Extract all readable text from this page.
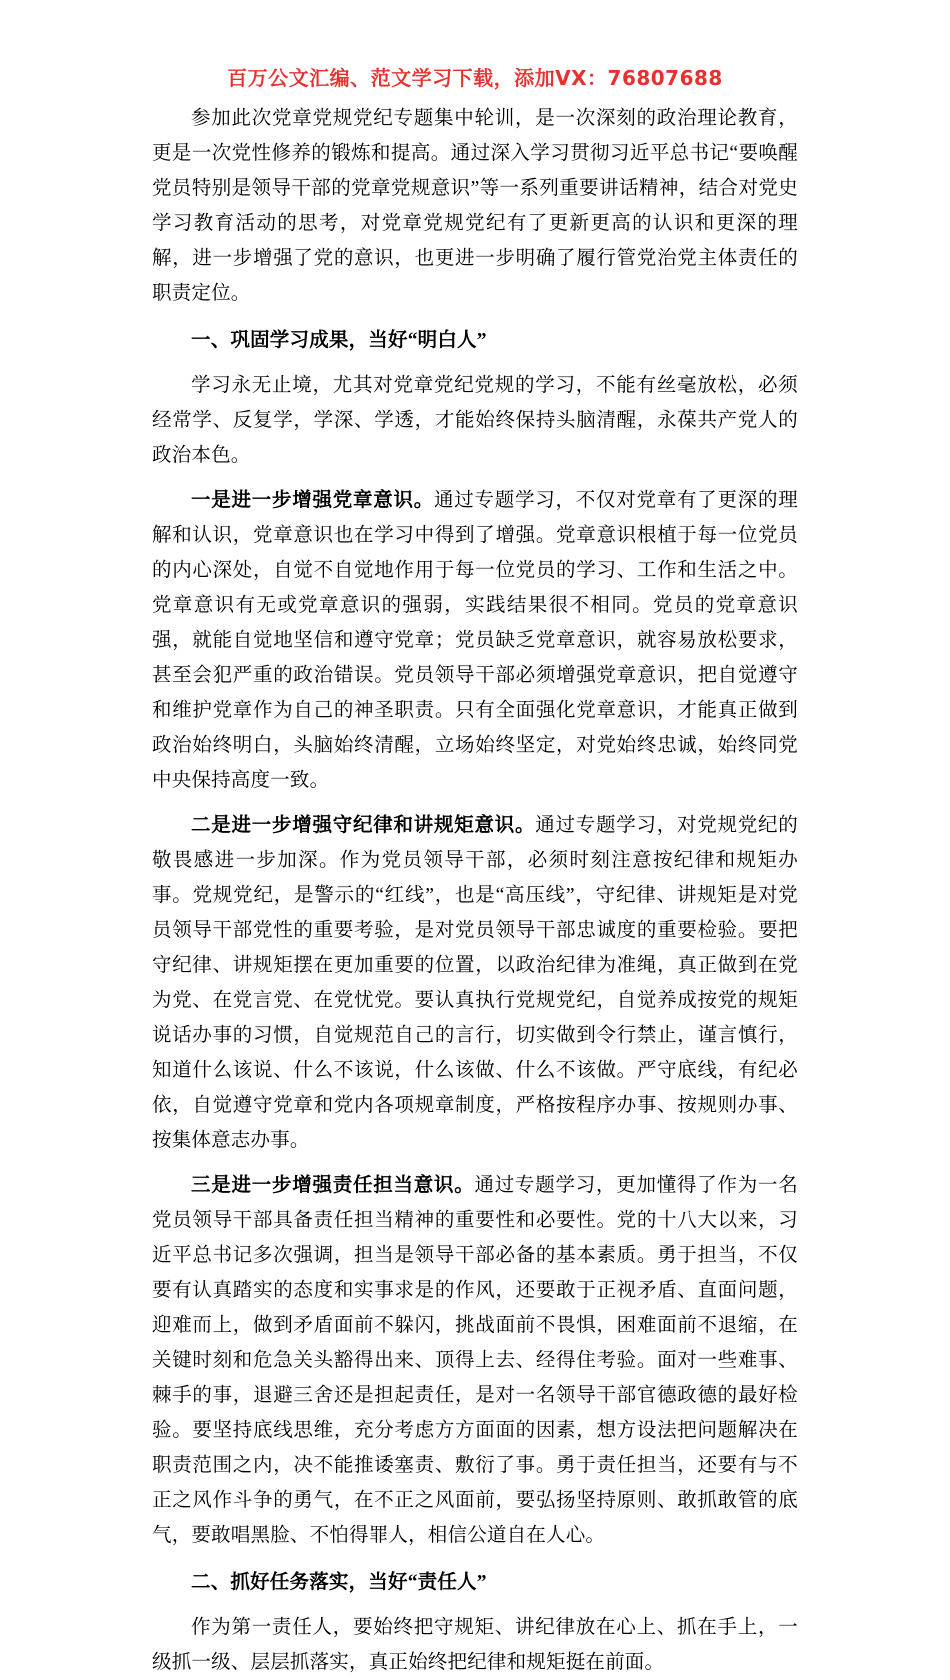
百万公文汇编、范文学习下载，添加VX：76807688

参加此次党章党规党纪专题集中轮训，是一次深刻的政治理论教育，更是一次党性修养的锻炼和提高。通过深入学习贯彻习近平总书记“要唤醒党员特别是领导干部的党章党规意识”等一系列重要讲话精神，结合对党史学习教育活动的思考，对党章党规党纪有了更新更高的认识和更深的理解，进一步增强了党的意识，也更进一步明确了履行管党治党主体责任的职责定位。

一、巩固学习成果，当好“明白人”

学习永无止境，尤其对党章党纪党规的学习，不能有丝毫放松，必须经常学、反复学，学深、学透，才能始终保持头脑清醒，永葆共产党人的政治本色。

一是进一步增强党章意识。通过专题学习，不仅对党章有了更深的理解和认识，党章意识也在学习中得到了增强。党章意识根植于每一位党员的内心深处，自觉不自觉地作用于每一位党员的学习、工作和生活之中。党章意识有无或党章意识的强弱，实践结果很不相同。党员的党章意识强，就能自觉地坚信和遵守党章；党员缺乏党章意识，就容易放松要求，甚至会犯严重的政治错误。党员领导干部必须增强党章意识，把自觉遵守和维护党章作为自己的神圣职责。只有全面强化党章意识，才能真正做到政治始终明白，头脑始终清醒，立场始终坚定，对党始终忠诚，始终同党中央保持高度一致。

二是进一步增强守纪律和讲规矩意识。通过专题学习，对党规党纪的敬畏感进一步加深。作为党员领导干部，必须时刻注意按纪律和规矩办事。党规党纪，是警示的“红线”，也是“高压线”，守纪律、讲规矩是对党员领导干部党性的重要考验，是对党员领导干部忠诚度的重要检验。要把守纪律、讲规矩摆在更加重要的位置，以政治纪律为准绳，真正做到在党为党、在党言党、在党忧党。要认真执行党规党纪，自觉养成按党的规矩说话办事的习惯，自觉规范自己的言行，切实做到令行禁止，谨言慎行，知道什么该说、什么不该说，什么该做、什么不该做。严守底线，有纪必依，自觉遵守党章和党内各项规章制度，严格按程序办事、按规则办事、按集体意志办事。

三是进一步增强责任担当意识。通过专题学习，更加懂得了作为一名党员领导干部具备责任担当精神的重要性和必要性。党的十八大以来，习近平总书记多次强调，担当是领导干部必备的基本素质。勇于担当，不仅要有认真踏实的态度和实事求是的作风，还要敢于正视矛盾、直面问题，迎难而上，做到矛盾面前不躲闪，挑战面前不畏惧，困难面前不退缩，在关键时刻和危急关头豁得出来、顶得上去、经得住考验。面对一些难事、棘手的事，退避三舍还是担起责任，是对一名领导干部官德政德的最好检验。要坚持底线思维，充分考虑方方面面的因素，想方设法把问题解决在职责范围之内，决不能推诿塞责、敷衍了事。勇于责任担当，还要有与不正之风作斗争的勇气，在不正之风面前，要弘扬坚持原则、敢抓敢管的底气，要敢唱黑脸、不怕得罪人，相信公道自在人心。

二、抓好任务落实，当好“责任人”

作为第一责任人，要始终把守规矩、讲纪律放在心上、抓在手上，一级抓一级、层层抓落实，真正始终把纪律和规矩挺在前面。
